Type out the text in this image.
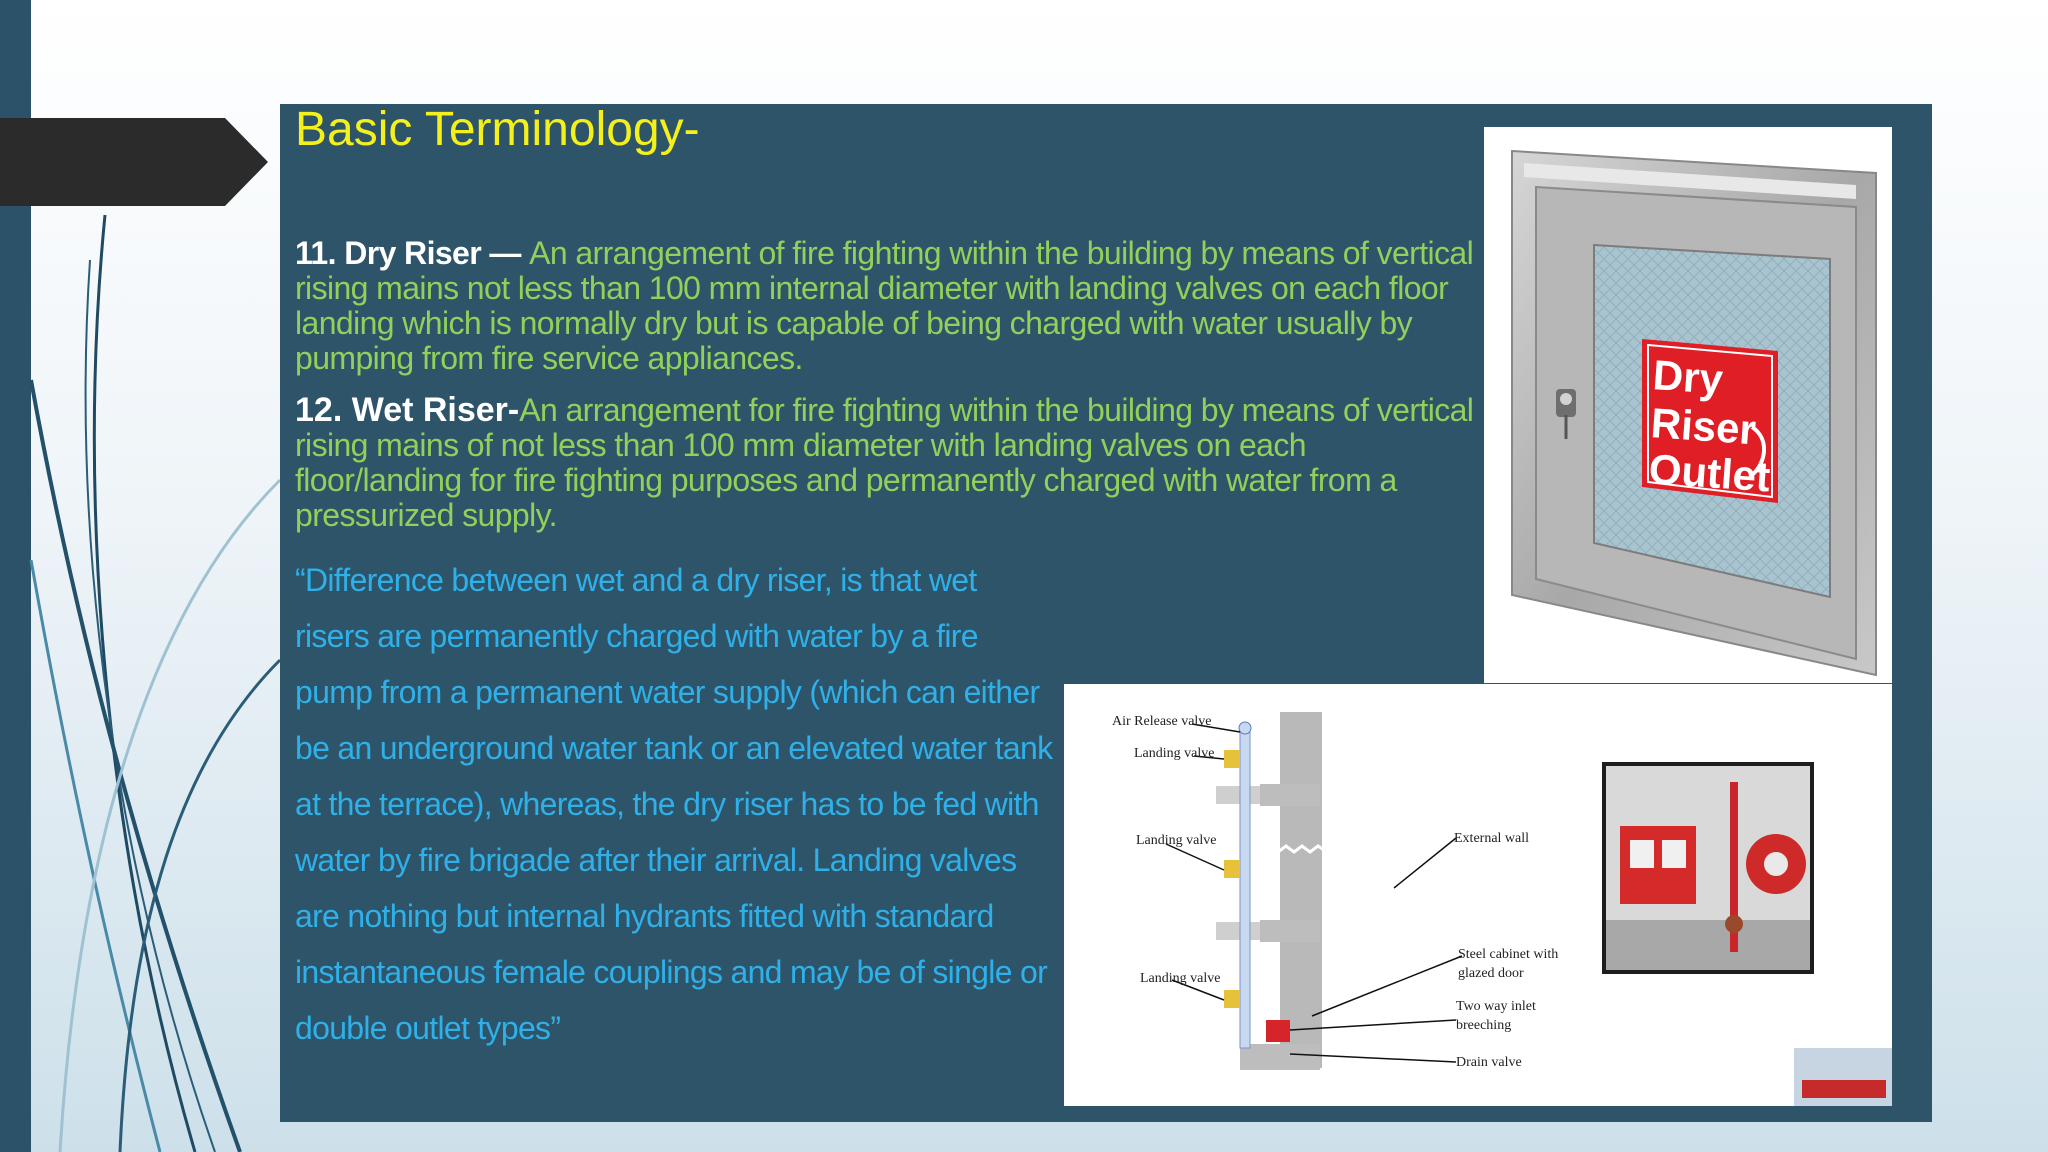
Basic Terminology-

11. Dry Riser — An arrangement of fire fighting within the building by means of vertical rising mains not less than 100 mm internal diameter with landing valves on each floor landing which is normally dry but is capable of being charged with water usually by pumping from fire service appliances.

12. Wet Riser-An arrangement for fire fighting within the building by means of vertical rising mains of not less than 100 mm diameter with landing valves on each floor/landing for fire fighting purposes and permanently charged with water from a pressurized supply.

“Difference between wet and a dry riser, is that wet risers are permanently charged with water by a fire pump from a permanent water supply (which can either be an underground water tank or an elevated water tank at the terrace), whereas, the dry riser has to be fed with water by fire brigade after their arrival. Landing valves are nothing but internal hydrants fitted with standard instantaneous female couplings and may be of single or double outlet types”

Dry
Riser
Outlet
Air Release valve
Landing valve
Landing valve
Landing valve
External wall
Steel cabinet with
glazed door
Two way inlet
breeching
Drain valve
